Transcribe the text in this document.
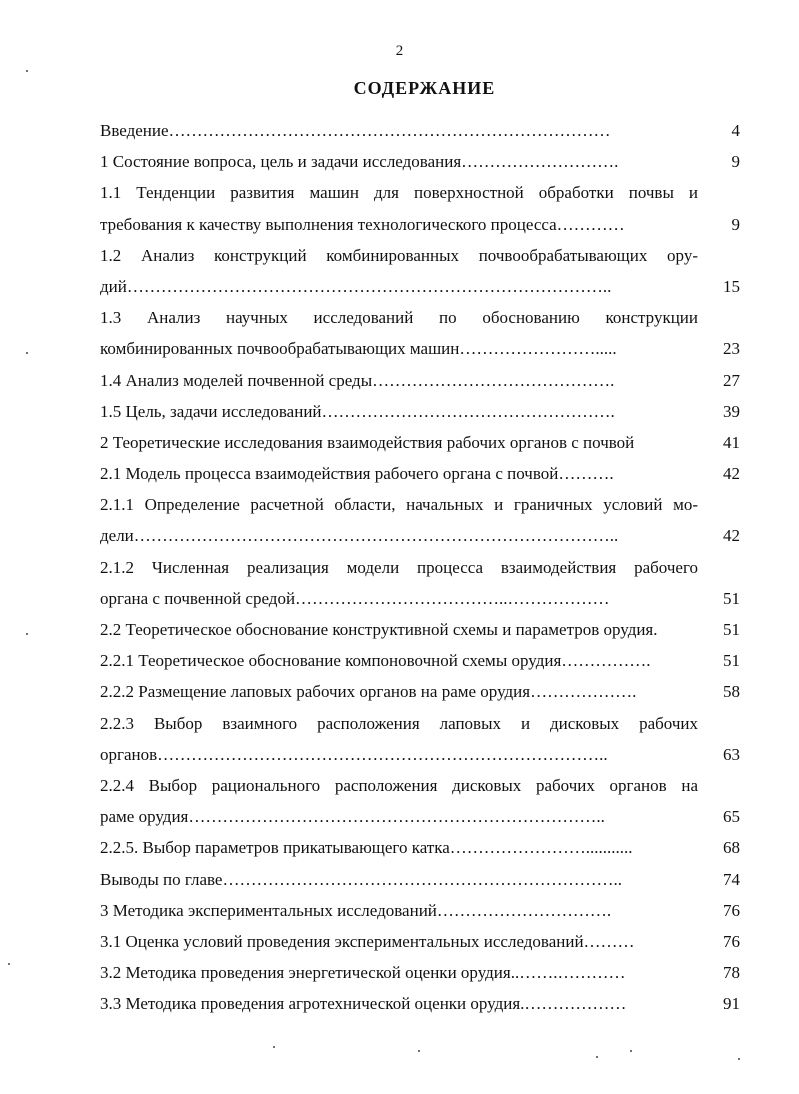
2
СОДЕРЖАНИЕ
Введение……………………………………………………………………	4
1 Состояние вопроса, цель и задачи исследования……………………….	9
1.1 Тенденции развития машин для поверхностной обработки почвы и
требования к качеству выполнения технологического процесса…………	9
1.2 Анализ конструкций комбинированных почвообрабатывающих ору-
дий…………………………………………………………………………..	15
1.3 Анализ научных исследований по обоснованию конструкции
комбинированных почвообрабатывающих машин…………………….....	23
1.4 Анализ моделей почвенной среды…………………………………….	27
1.5 Цель, задачи исследований…………………………………………….	39
2 Теоретические исследования взаимодействия рабочих органов с почвой	41
2.1 Модель процесса взаимодействия рабочего органа с почвой……….	42
2.1.1 Определение расчетной области, начальных и граничных условий мо-
дели…………………………………………………………………………..	42
2.1.2 Численная реализация модели процесса взаимодействия рабочего
органа с почвенной средой………………………………..………………	51
2.2 Теоретическое обоснование конструктивной схемы и параметров орудия.	51
2.2.1 Теоретическое обоснование компоновочной схемы орудия…………….	51
2.2.2 Размещение лаповых рабочих органов на раме орудия……………….	58
2.2.3 Выбор взаимного расположения лаповых и дисковых рабочих
органов……………………………………………………………………..	63
2.2.4 Выбор рационального расположения дисковых рабочих органов на
раме орудия………………………………………………………………..	65
2.2.5. Выбор параметров прикатывающего катка……………………...........	68
Выводы по главе……………………………………………………………..	74
3 Методика экспериментальных исследований………………………….	76
3.1 Оценка условий проведения экспериментальных исследований………	76
3.2 Методика проведения энергетической оценки орудия..…….…………	78
3.3 Методика проведения агротехнической оценки орудия.………………	91
